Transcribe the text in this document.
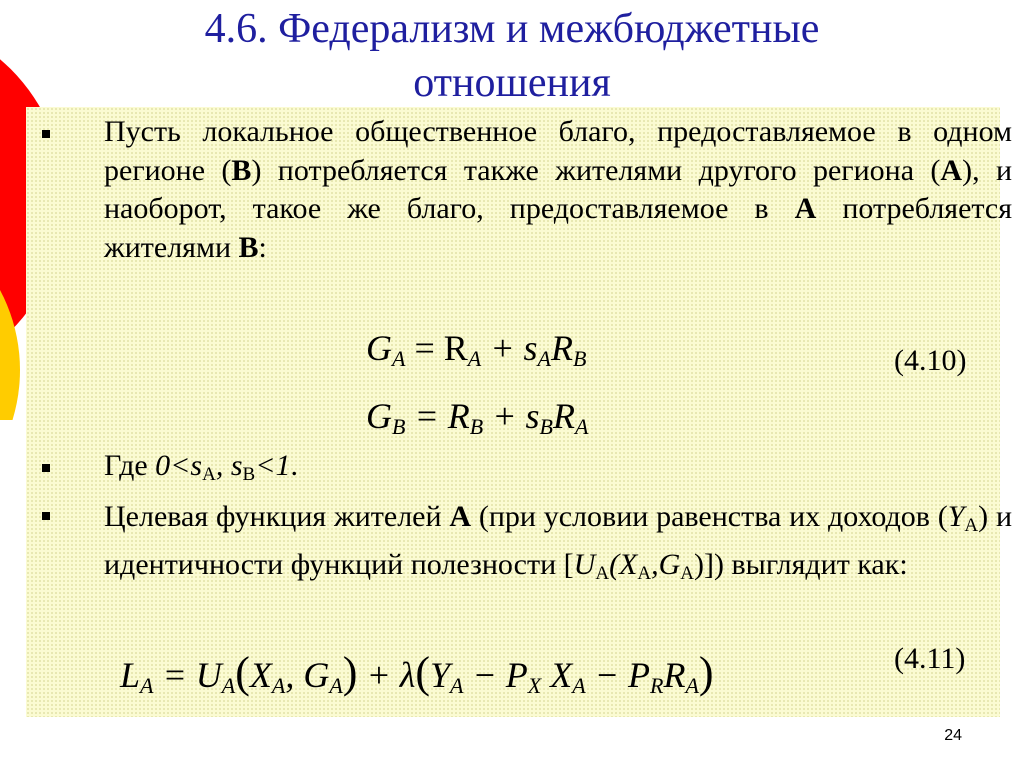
4.6. Федерализм и межбюджетные
отношения
Пусть локальное общественное благо, предоставляемое в одном регионе (В) потребляется также жителями другого региона (А), и наоборот, такое же благо, предоставляемое в А потребляется жителями В:
$G_A = R_A + s_AR_B$	(4.10)
$G_B = R_B + s_BR_A$
Где $0<s_A$, $s_B<1$.
Целевая функция жителей А (при условии равенства их доходов $(Y_A)$ и идентичности функций полезности $[U_A(X_A,G_A)]$) выглядит как:
$L_A = U_A(X_A$, $G_A) + \lambda(Y_A - P_X$ $X_A - P_RR_A$)	(4.11)
24
